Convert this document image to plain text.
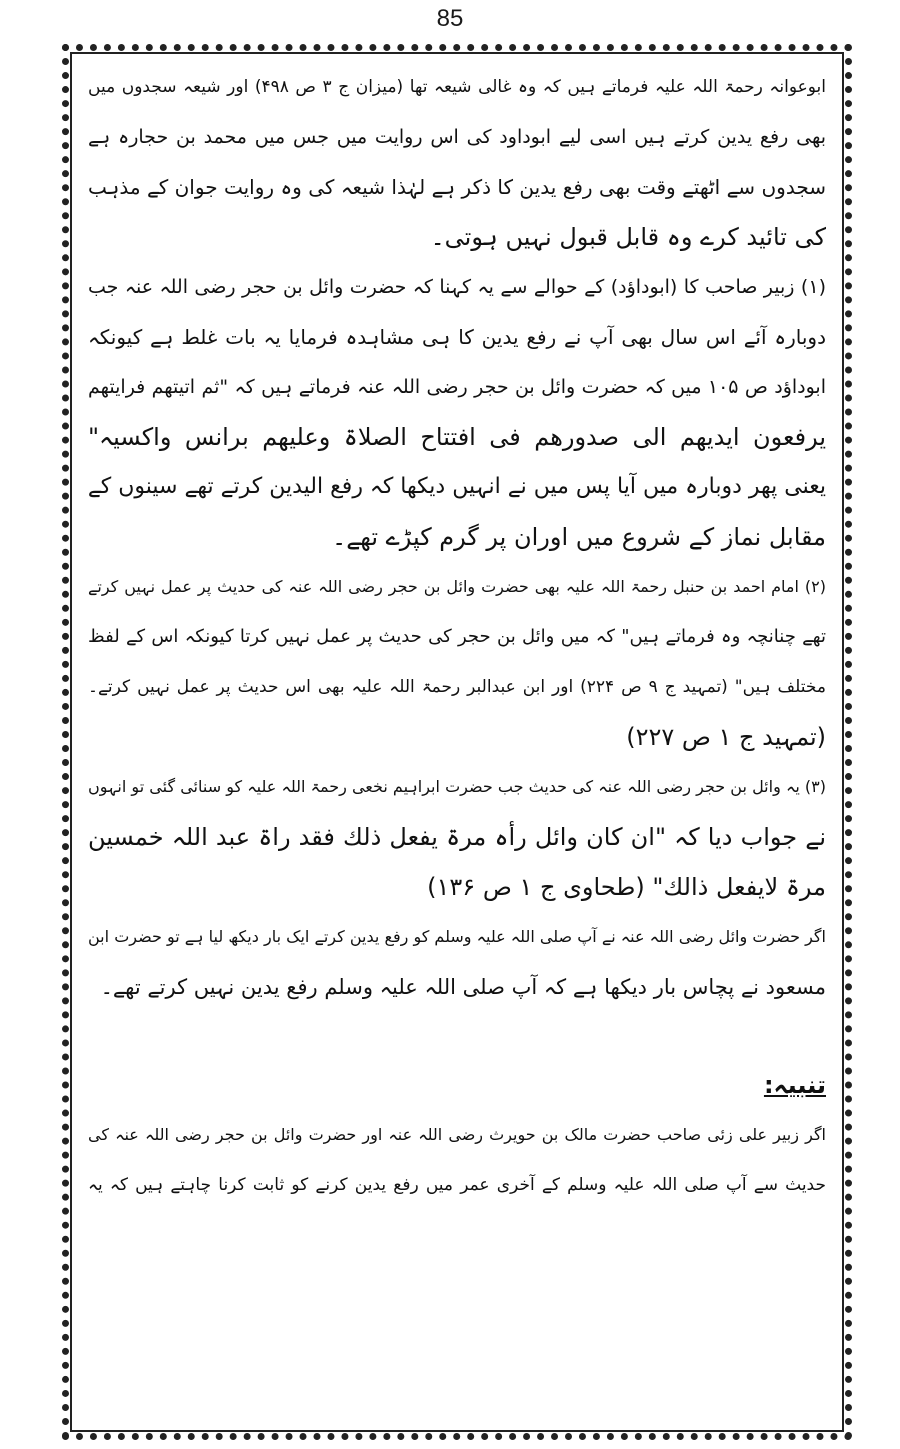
85
ابوعوانہ رحمۃ اللہ علیہ فرماتے ہیں کہ وہ غالی شیعہ تھا (میزان ج ۳ ص ۴۹۸) اور شیعہ سجدوں میں
بھی رفع یدین کرتے ہیں اسی لیے ابوداود کی اس روایت میں جس میں محمد بن حجارہ ہے
سجدوں سے اٹھتے وقت بھی رفع یدین کا ذکر ہے لہٰذا شیعہ کی وہ روایت جوان کے مذہب
کی تائید کرے وہ قابل قبول نہیں ہوتی۔
(۱) زبیر صاحب کا (ابوداؤد) کے حوالے سے یہ کہنا کہ حضرت وائل بن حجر رضی اللہ عنہ جب
دوبارہ آئے اس سال بھی آپ نے رفع یدین کا ہی مشاہدہ فرمایا یہ بات غلط ہے کیونکہ
ابوداؤد ص ۱۰۵ میں کہ حضرت وائل بن حجر رضی اللہ عنہ فرماتے ہیں کہ "ثم اتیتھم فرایتھم
یرفعون ایدیھم الی صدورھم فی افتتاح الصلاۃ وعلیھم برانس واکسیہ"
یعنی پھر دوبارہ میں آیا پس میں نے انہیں دیکھا کہ رفع الیدین کرتے تھے سینوں کے
مقابل نماز کے شروع میں اوران پر گرم کپڑے تھے۔
(۲) امام احمد بن حنبل رحمۃ اللہ علیہ بھی حضرت وائل بن حجر رضی اللہ عنہ کی حدیث پر عمل نہیں کرتے
تھے چنانچہ وہ فرماتے ہیں" کہ میں وائل بن حجر کی حدیث پر عمل نہیں کرتا کیونکہ اس کے لفظ
مختلف ہیں" (تمہید ج ۹ ص ۲۲۴) اور ابن عبدالبر رحمۃ اللہ علیہ بھی اس حدیث پر عمل نہیں کرتے۔
(تمہید ج ۱ ص ۲۲۷)
(۳) یہ وائل بن حجر رضی اللہ عنہ کی حدیث جب حضرت ابراہیم نخعی رحمۃ اللہ علیہ کو سنائی گئی تو انہوں
نے جواب دیا کہ "ان کان وائل رأہ مرۃ یفعل ذلك فقد راۃ عبد اللہ خمسین
مرۃ لایفعل ذالك" (طحاوی ج ۱ ص ۱۳۶)
اگر حضرت وائل رضی اللہ عنہ نے آپ صلی اللہ علیہ وسلم کو رفع یدین کرتے ایک بار دیکھ لیا ہے تو حضرت ابن
مسعود نے پچاس بار دیکھا ہے کہ آپ صلی اللہ علیہ وسلم رفع یدین نہیں کرتے تھے۔
تنبیہ:
اگر زبیر علی زئی صاحب حضرت مالک بن حویرث رضی اللہ عنہ اور حضرت وائل بن حجر رضی اللہ عنہ کی
حدیث سے آپ صلی اللہ علیہ وسلم کے آخری عمر میں رفع یدین کرنے کو ثابت کرنا چاہتے ہیں کہ یہ
